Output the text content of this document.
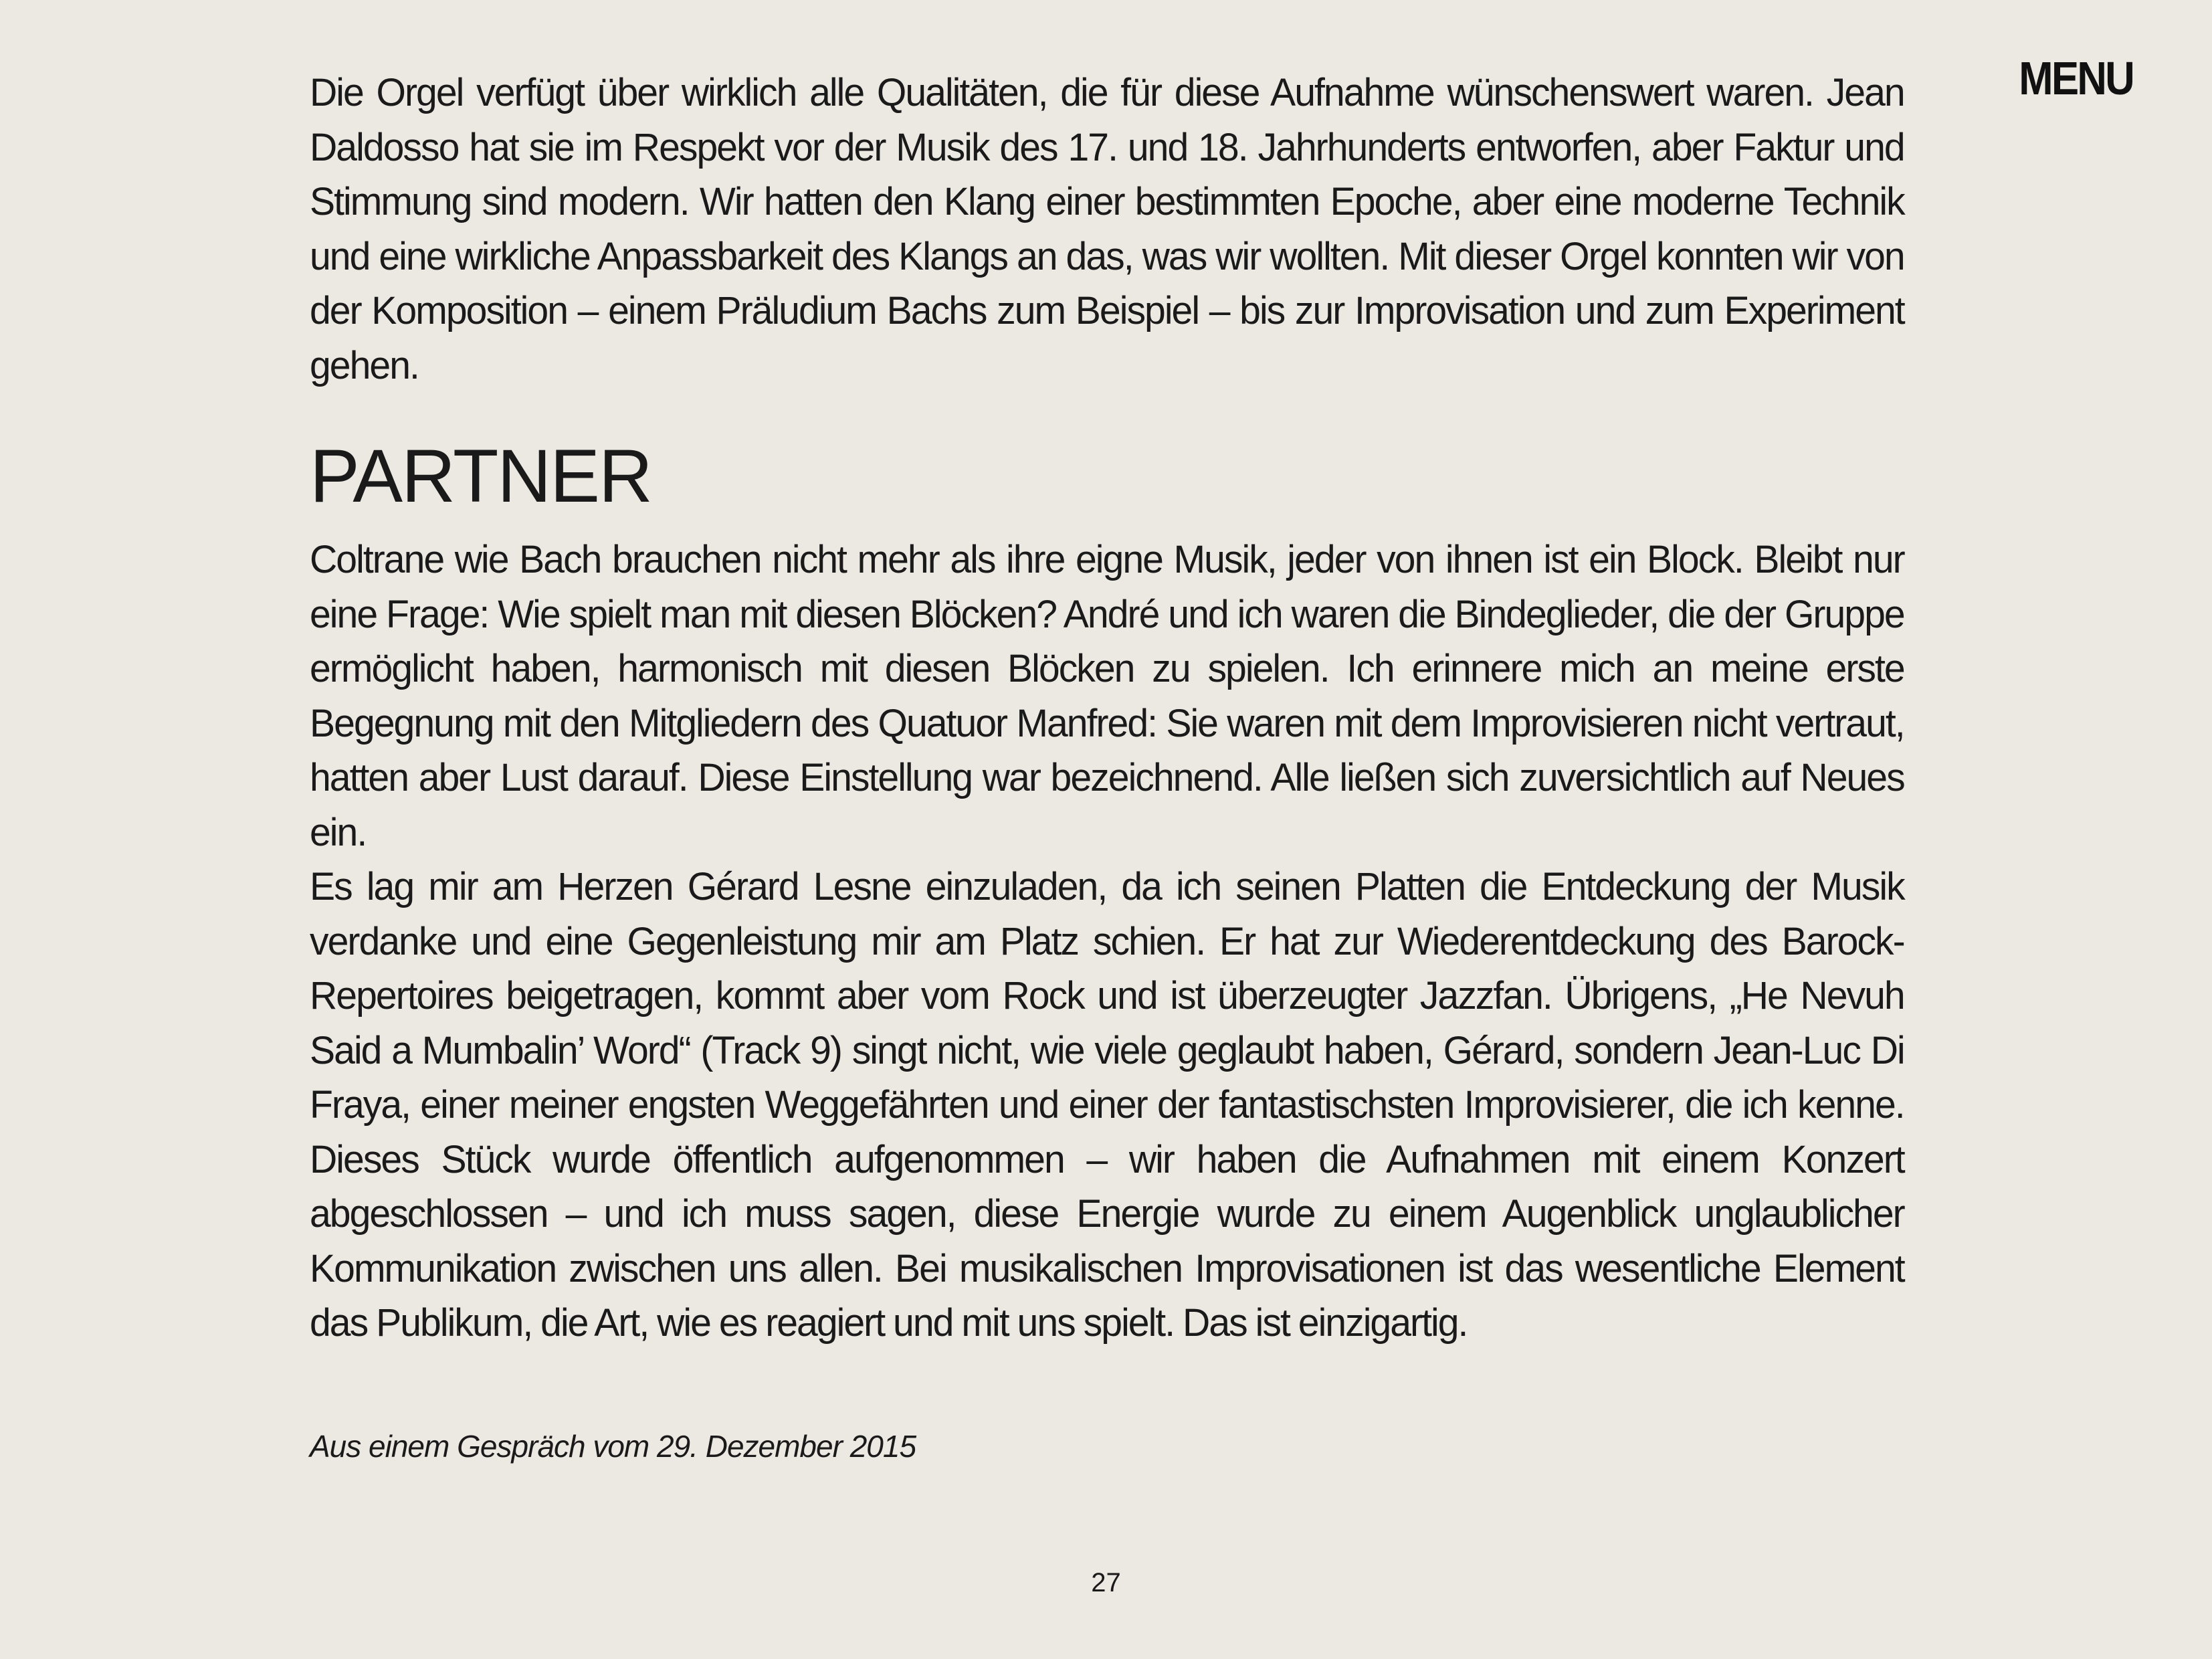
MENU

Die Orgel verfügt über wirklich alle Qualitäten, die für diese Aufnahme wünschenswert waren. Jean Daldosso hat sie im Respekt vor der Musik des 17. und 18. Jahrhunderts entworfen, aber Faktur und Stimmung sind modern. Wir hatten den Klang einer bestimmten Epoche, aber eine moderne Technik und eine wirkliche Anpassbarkeit des Klangs an das, was wir wollten. Mit dieser Orgel konnten wir von der Komposition – einem Präludium Bachs zum Beispiel – bis zur Improvisation und zum Experiment gehen.

PARTNER

Coltrane wie Bach brauchen nicht mehr als ihre eigne Musik, jeder von ihnen ist ein Block. Bleibt nur eine Frage: Wie spielt man mit diesen Blöcken? André und ich waren die Bindeglieder, die der Gruppe ermöglicht haben, harmonisch mit diesen Blöcken zu spielen. Ich erinnere mich an meine erste Begegnung mit den Mitgliedern des Quatuor Manfred: Sie waren mit dem Improvisieren nicht vertraut, hatten aber Lust darauf. Diese Einstellung war bezeichnend. Alle ließen sich zuversichtlich auf Neues ein.

Es lag mir am Herzen Gérard Lesne einzuladen, da ich seinen Platten die Entdeckung der Musik verdanke und eine Gegenleistung mir am Platz schien. Er hat zur Wiederentdeckung des Barock-Repertoires beigetragen, kommt aber vom Rock und ist überzeugter Jazzfan. Übrigens, „He Nevuh Said a Mumbalin’ Word“ (Track 9) singt nicht, wie viele geglaubt haben, Gérard, sondern Jean-Luc Di Fraya, einer meiner engsten Weggefährten und einer der fantastischsten Improvisierer, die ich kenne. Dieses Stück wurde öffentlich aufgenommen – wir haben die Aufnahmen mit einem Konzert abgeschlossen – und ich muss sagen, diese Energie wurde zu einem Augenblick unglaublicher Kommunikation zwischen uns allen. Bei musikalischen Improvisationen ist das wesentliche Element das Publikum, die Art, wie es reagiert und mit uns spielt. Das ist einzigartig.

Aus einem Gespräch vom 29. Dezember 2015

27
